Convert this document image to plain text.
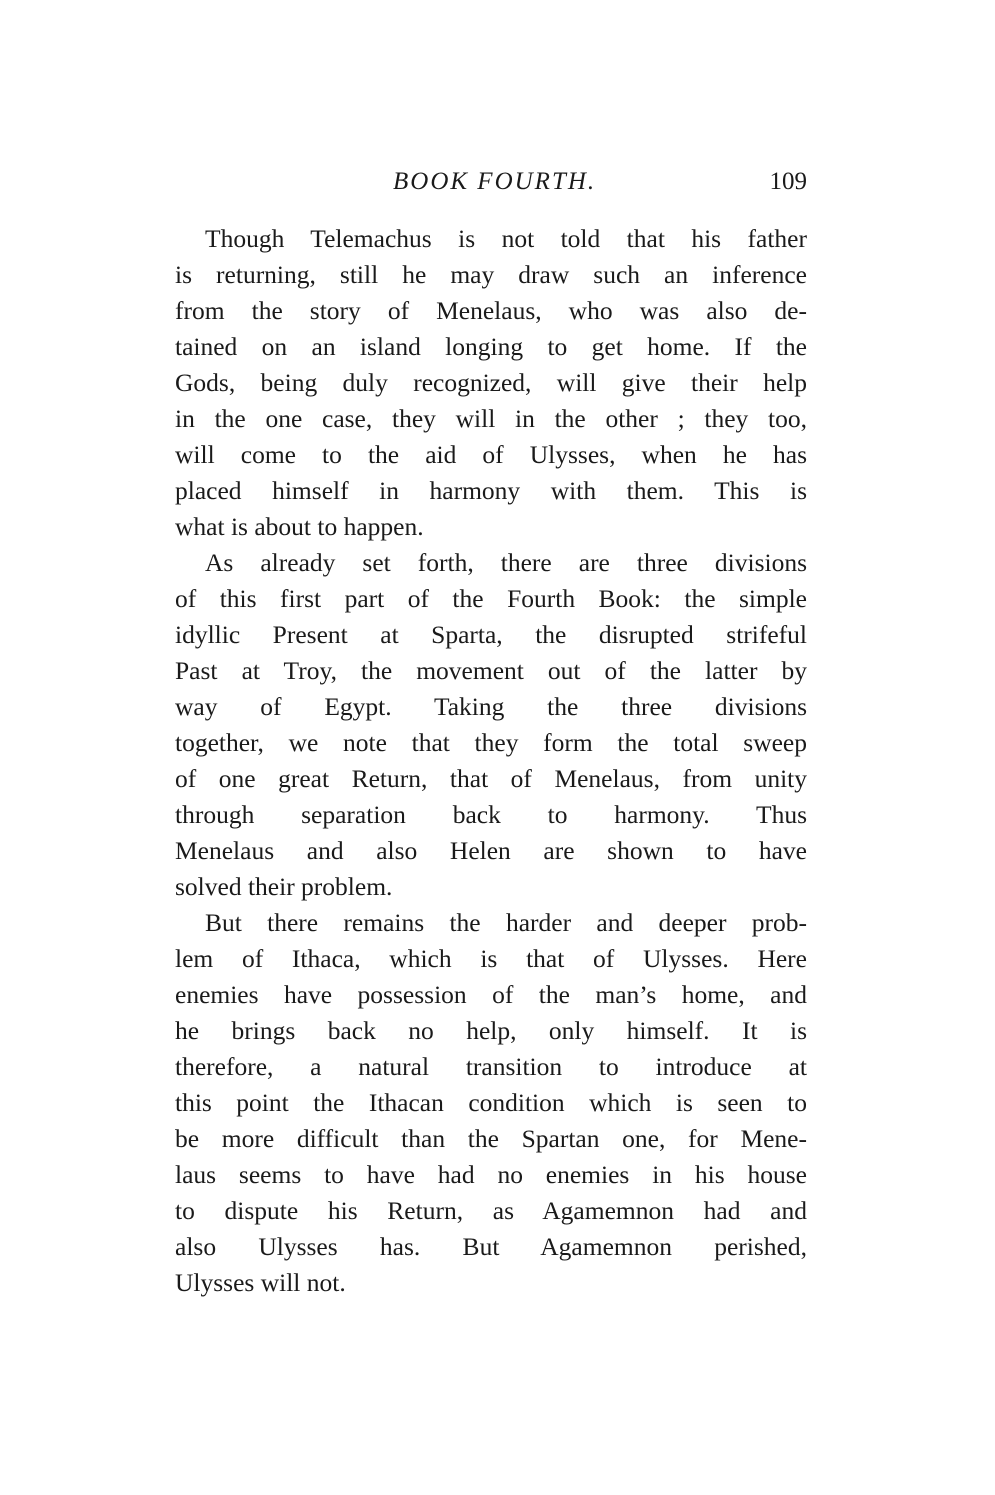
BOOK FOURTH.	109
Though Telemachus is not told that his father
is returning, still he may draw such an inference
from the story of Menelaus, who was also de-
tained on an island longing to get home. If the
Gods, being duly recognized, will give their help
in the one case, they will in the other ; they too,
will come to the aid of Ulysses, when he has
placed himself in harmony with them. This is
what is about to happen.
As already set forth, there are three divisions
of this first part of the Fourth Book: the simple
idyllic Present at Sparta, the disrupted strifeful
Past at Troy, the movement out of the latter by
way of Egypt. Taking the three divisions
together, we note that they form the total sweep
of one great Return, that of Menelaus, from unity
through separation back to harmony. Thus
Menelaus and also Helen are shown to have
solved their problem.
But there remains the harder and deeper prob-
lem of Ithaca, which is that of Ulysses. Here
enemies have possession of the man’s home, and
he brings back no help, only himself. It is
therefore, a natural transition to introduce at
this point the Ithacan condition which is seen to
be more difficult than the Spartan one, for Mene-
laus seems to have had no enemies in his house
to dispute his Return, as Agamemnon had and
also Ulysses has. But Agamemnon perished,
Ulysses will not.
